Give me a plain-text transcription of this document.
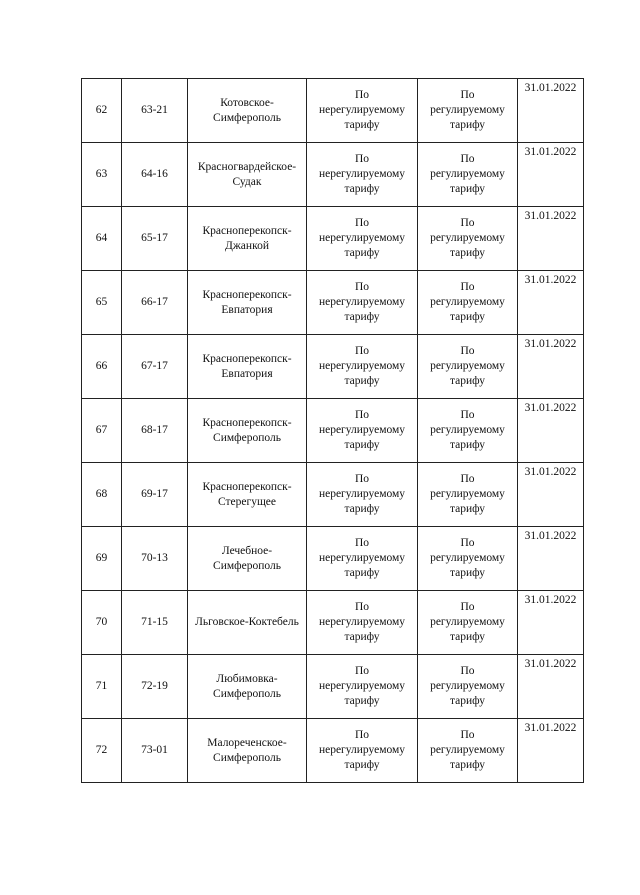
62	63-21	Котовское-
Симферополь	По
нерегулируемому
тарифу	По
регулируемому
тарифу	31.01.2022
63	64-16	Красногвардейское-
Судак	По
нерегулируемому
тарифу	По
регулируемому
тарифу	31.01.2022
64	65-17	Красноперекопск-
Джанкой	По
нерегулируемому
тарифу	По
регулируемому
тарифу	31.01.2022
65	66-17	Красноперекопск-
Евпатория	По
нерегулируемому
тарифу	По
регулируемому
тарифу	31.01.2022
66	67-17	Красноперекопск-
Евпатория	По
нерегулируемому
тарифу	По
регулируемому
тарифу	31.01.2022
67	68-17	Красноперекопск-
Симферополь	По
нерегулируемому
тарифу	По
регулируемому
тарифу	31.01.2022
68	69-17	Красноперекопск-
Стерегущее	По
нерегулируемому
тарифу	По
регулируемому
тарифу	31.01.2022
69	70-13	Лечебное-
Симферополь	По
нерегулируемому
тарифу	По
регулируемому
тарифу	31.01.2022
70	71-15	Льговское-Коктебель	По
нерегулируемому
тарифу	По
регулируемому
тарифу	31.01.2022
71	72-19	Любимовка-
Симферополь	По
нерегулируемому
тарифу	По
регулируемому
тарифу	31.01.2022
72	73-01	Малореченское-
Симферополь	По
нерегулируемому
тарифу	По
регулируемому
тарифу	31.01.2022
